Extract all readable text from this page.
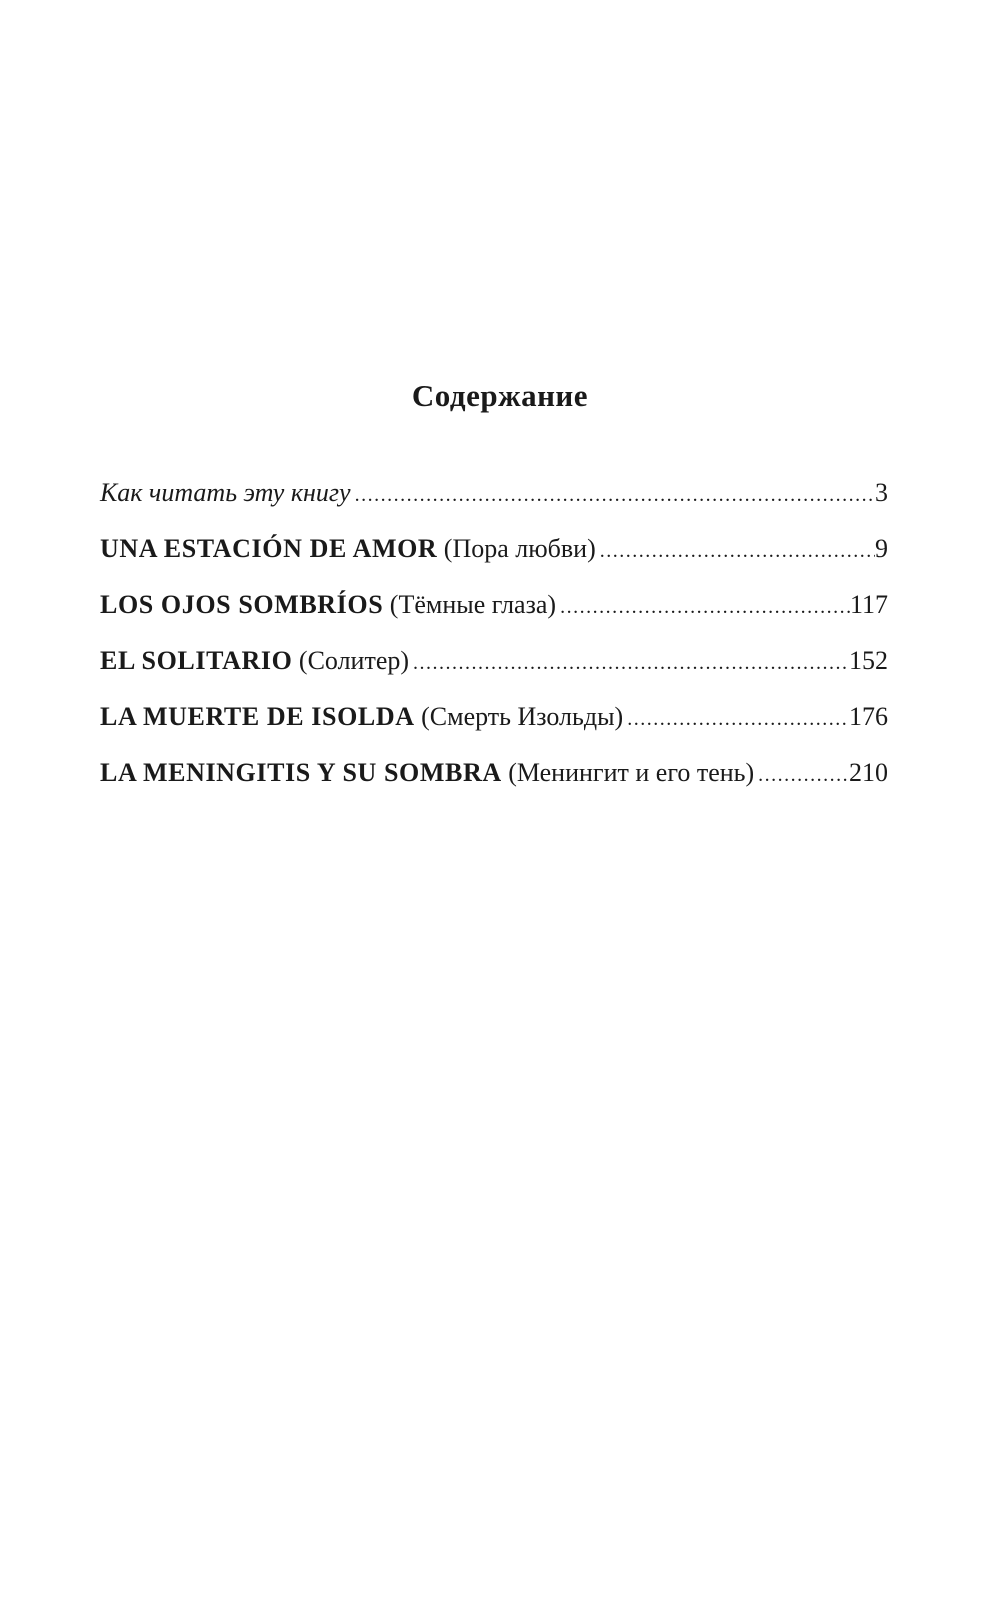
Содержание
Как читать эту книгу .....	3
UNA ESTACIÓN DE AMOR (Пора любви) .....	9
LOS OJOS SOMBRÍOS (Тёмные глаза) .....	117
EL SOLITARIO (Солитер) .....	152
LA MUERTE DE ISOLDA (Смерть Изольды) .....	176
LA MENINGITIS Y SU SOMBRA (Менингит и его тень) .....	210
